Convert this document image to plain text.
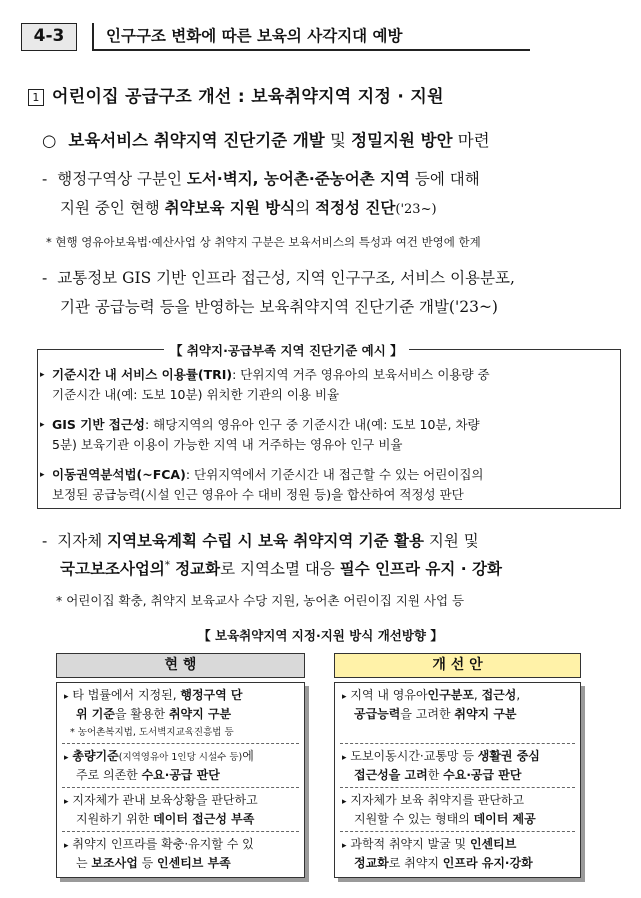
4-3	인구구조 변화에 따른 보육의 사각지대 예방
1 어린이집 공급구조 개선 : 보육취약지역 지정 · 지원
○ 보육서비스 취약지역 진단기준 개발 및 정밀지원 방안 마련
- 행정구역상 구분인 도서·벽지, 농어촌·준농어촌 지역 등에 대해
지원 중인 현행 취약보육 지원 방식의 적정성 진단('23~)
* 현행 영유아보육법·예산사업 상 취약지 구분은 보육서비스의 특성과 여건 반영에 한계
- 교통정보 GIS 기반 인프라 접근성, 지역 인구구조, 서비스 이용분포,
기관 공급능력 등을 반영하는 보육취약지역 진단기준 개발('23~)
【 취약지·공급부족 지역 진단기준 예시 】
▸ 기준시간 내 서비스 이용률(TRI): 단위지역 거주 영유아의 보육서비스 이용량 중
기준시간 내(예: 도보 10분) 위치한 기관의 이용 비율
▸ GIS 기반 접근성: 해당지역의 영유아 인구 중 기준시간 내(예: 도보 10분, 차량
5분) 보육기관 이용이 가능한 지역 내 거주하는 영유아 인구 비율
▸ 이동권역분석법(~FCA): 단위지역에서 기준시간 내 접근할 수 있는 어린이집의
보정된 공급능력(시설 인근 영유아 수 대비 정원 등)을 합산하여 적정성 판단
- 지자체 지역보육계획 수립 시 보육 취약지역 기준 활용 지원 및
국고보조사업의* 정교화로 지역소멸 대응 필수 인프라 유지 · 강화
* 어린이집 확충, 취약지 보육교사 수당 지원, 농어촌 어린이집 지원 사업 등
【 보육취약지역 지정·지원 방식 개선방향 】
현 행	개 선 안
▸ 타 법률에서 지정된, 행정구역 단
위 기준을 활용한 취약지 구분
* 농어촌복지법, 도서벽지교육진흥법 등
▸ 총량기준(지역영유아 1인당 시설수 등)에
주로 의존한 수요·공급 판단
▸ 지자체가 관내 보육상황을 판단하고
지원하기 위한 데이터 접근성 부족
▸ 취약지 인프라를 확충·유지할 수 있
는 보조사업 등 인센티브 부족
▸ 지역 내 영유아인구분포, 접근성,
공급능력을 고려한 취약지 구분
▸ 도보이동시간·교통망 등 생활권 중심
접근성을 고려한 수요·공급 판단
▸ 지자체가 보육 취약지를 판단하고
지원할 수 있는 형태의 데이터 제공
▸ 과학적 취약지 발굴 및 인센티브
정교화로 취약지 인프라 유지·강화
